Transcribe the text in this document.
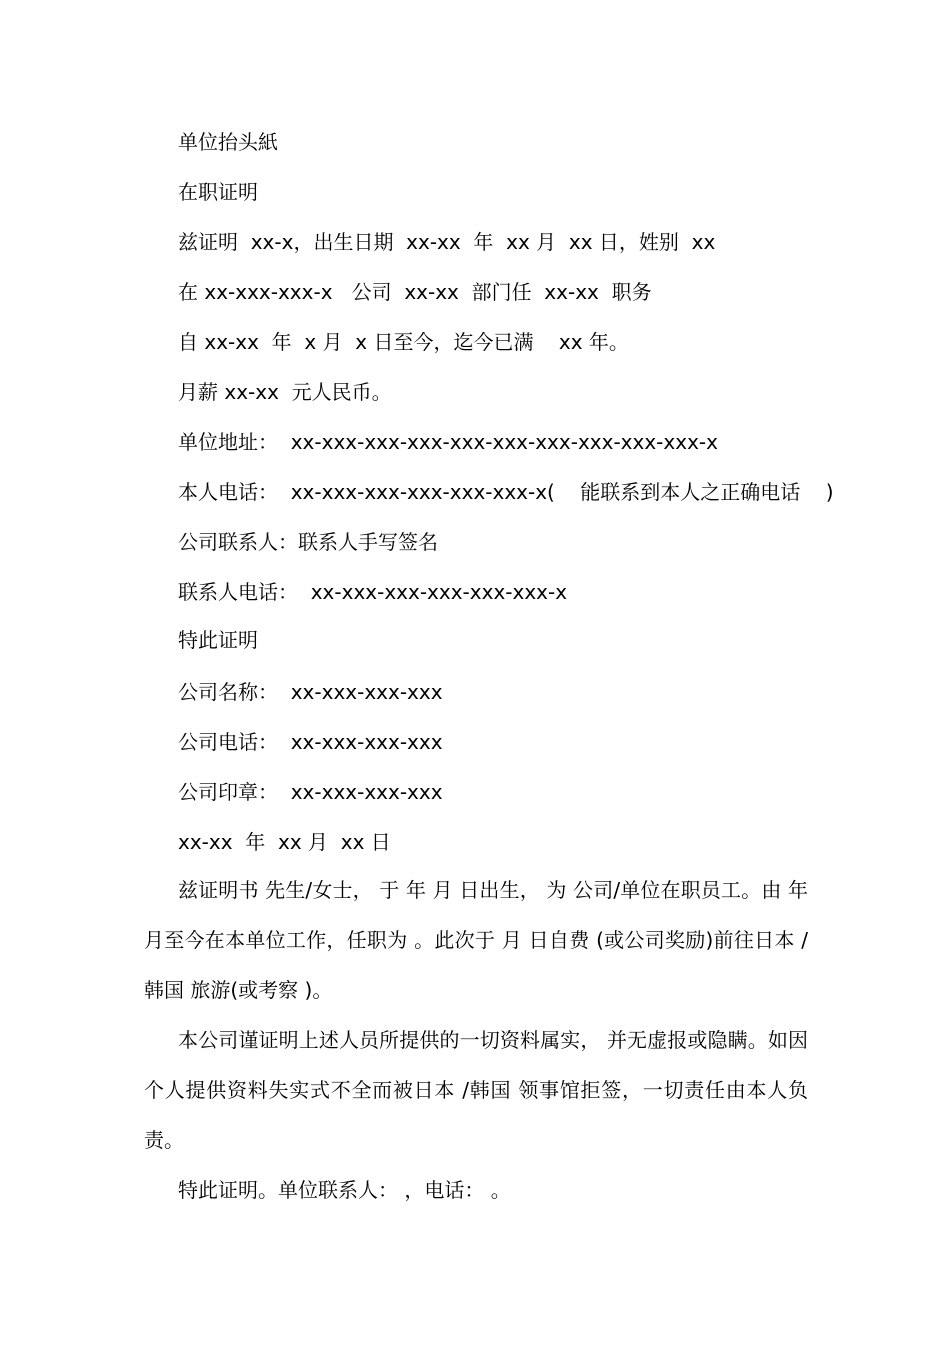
单位抬头紙
在职证明
兹证明  xx-x，出生日期  xx-xx  年  xx 月  xx 日，姓别  xx
在 xx-xxx-xxx-x   公司  xx-xx  部门任  xx-xx  职务
自 xx-xx  年  x 月  x 日至今，迄今已满    xx 年。
月薪 xx-xx  元人民币。
单位地址：  xx-xxx-xxx-xxx-xxx-xxx-xxx-xxx-xxx-xxx-x
本人电话：  xx-xxx-xxx-xxx-xxx-xxx-x(    能联系到本人之正确电话    )
公司联系人：联系人手写签名
联系人电话：  xx-xxx-xxx-xxx-xxx-xxx-x
特此证明
公司名称：  xx-xxx-xxx-xxx
公司电话：  xx-xxx-xxx-xxx
公司印章：  xx-xxx-xxx-xxx
xx-xx  年  xx 月  xx 日
兹证明书 先生/女士， 于 年 月 日出生， 为 公司/单位在职员工。由 年 月至今在本单位工作，任职为 。此次于 月 日自费 (或公司奖励)前往日本 /韩国 旅游(或考察 )。
本公司谨证明上述人员所提供的一切资料属实， 并无虚报或隐瞒。如因个人提供资料失实式不全而被日本 /韩国 领事馆拒签，一切责任由本人负责。
特此证明。单位联系人： ，电话： 。
